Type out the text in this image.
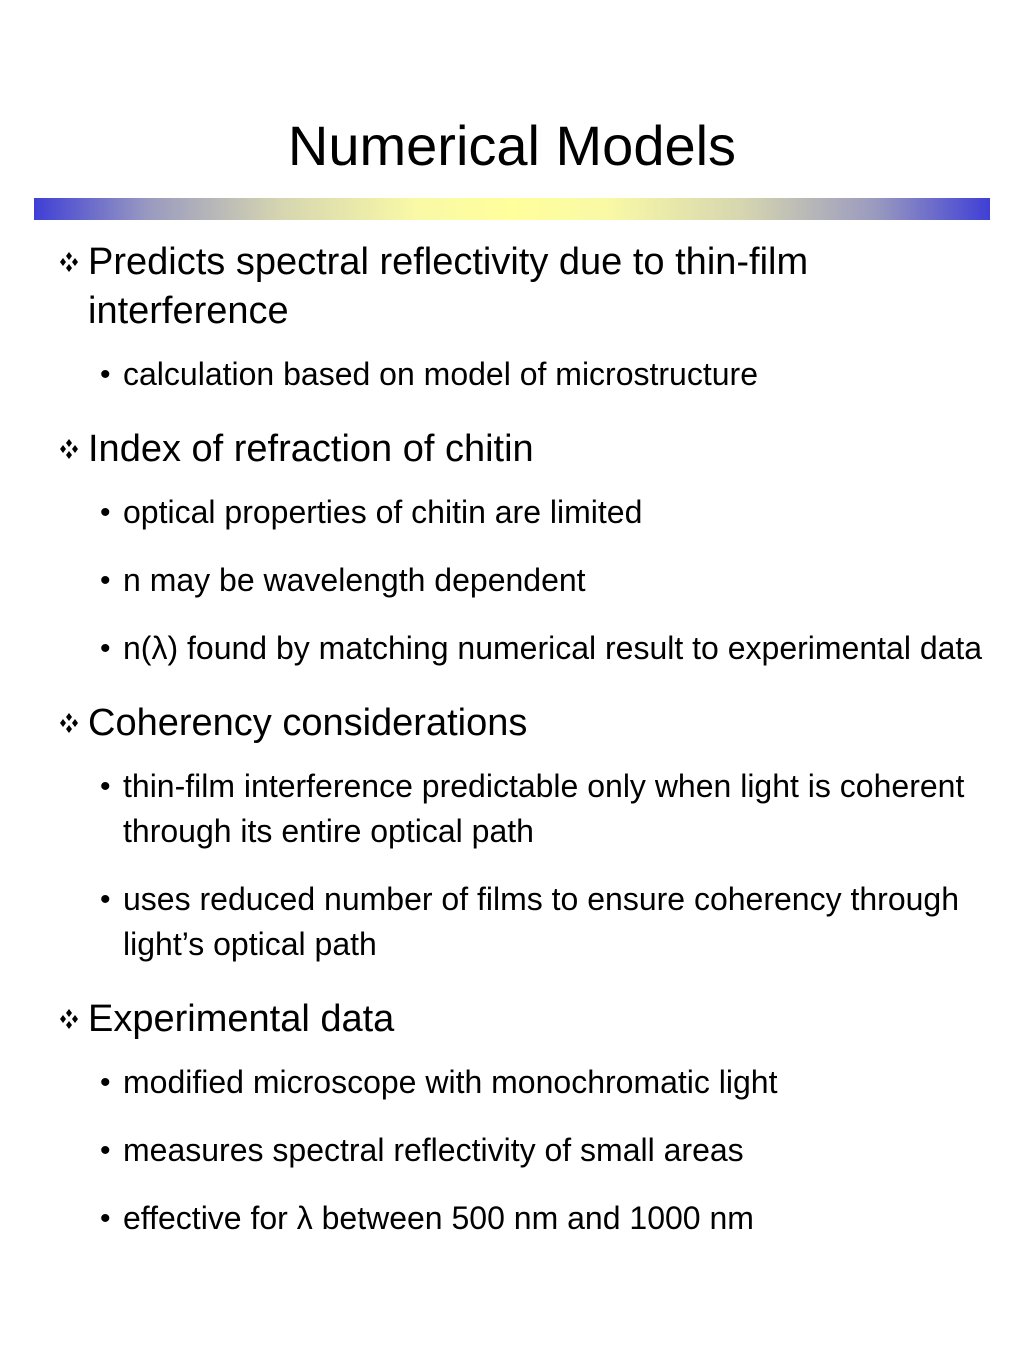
Numerical Models
Predicts spectral reflectivity due to thin-film interference
• calculation based on model of microstructure
Index of refraction of chitin
• optical properties of chitin are limited
• n may be wavelength dependent
• n(λ) found by matching numerical result to experimental data
Coherency considerations
• thin-film interference predictable only when light is coherent through its entire optical path
• uses reduced number of films to ensure coherency through light’s optical path
Experimental data
• modified microscope with monochromatic light
• measures spectral reflectivity of small areas
• effective for λ between 500 nm and 1000 nm
